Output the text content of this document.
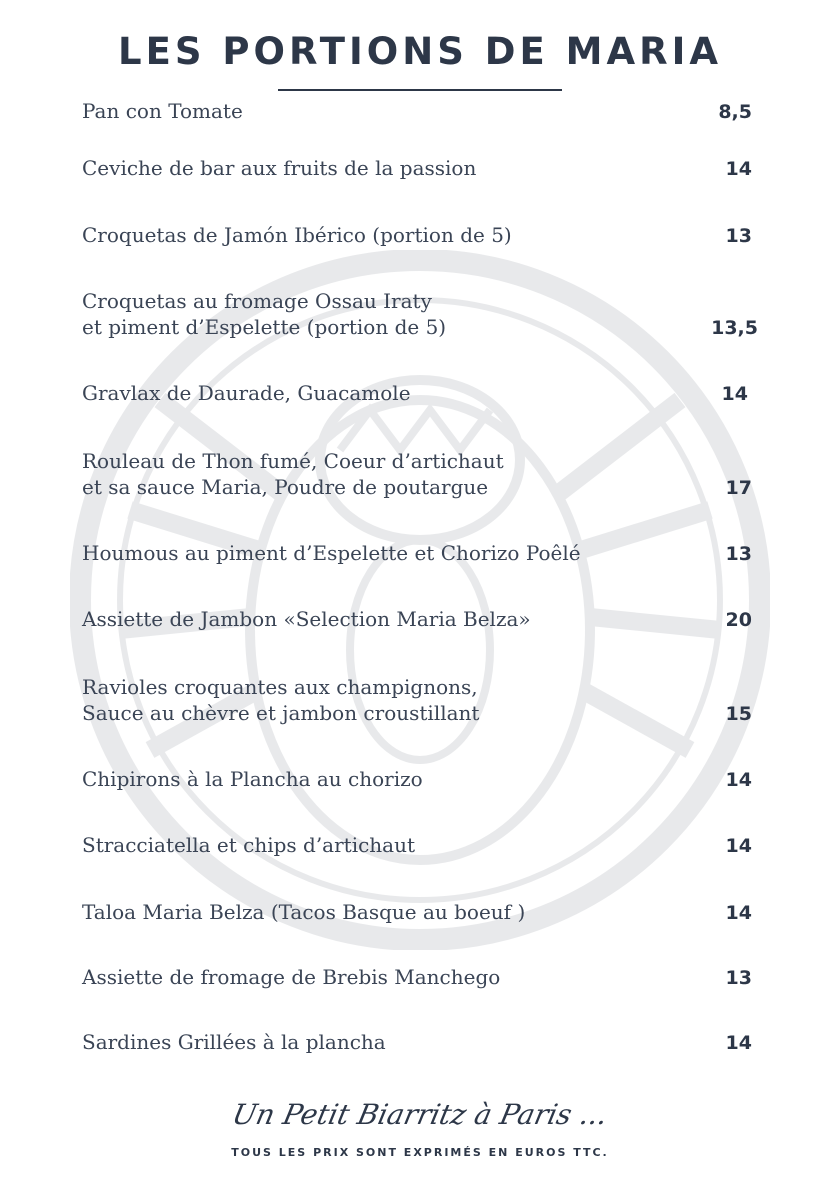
LES PORTIONS DE MARIA
Pan con Tomate	8,5
Ceviche de bar aux fruits de la passion	14
Croquetas de Jamón Ibérico (portion de 5)	13
Croquetas au fromage Ossau Iraty
et piment d’Espelette (portion de 5)	13,5
Gravlax de Daurade, Guacamole	14
Rouleau de Thon fumé, Coeur d’artichaut
et sa sauce Maria, Poudre de poutargue	17
Houmous au piment d’Espelette et Chorizo Poêlé	13
Assiette de Jambon «Selection Maria Belza»	20
Ravioles croquantes aux champignons,
Sauce au chèvre et jambon croustillant	15
Chipirons à la Plancha au chorizo	14
Stracciatella et chips d’artichaut	14
Taloa Maria Belza (Tacos Basque au boeuf )	14
Assiette de fromage de Brebis Manchego	13
Sardines Grillées à la plancha	14
Un Petit Biarritz à Paris ...
TOUS LES PRIX SONT EXPRIMÉS EN EUROS TTC.
